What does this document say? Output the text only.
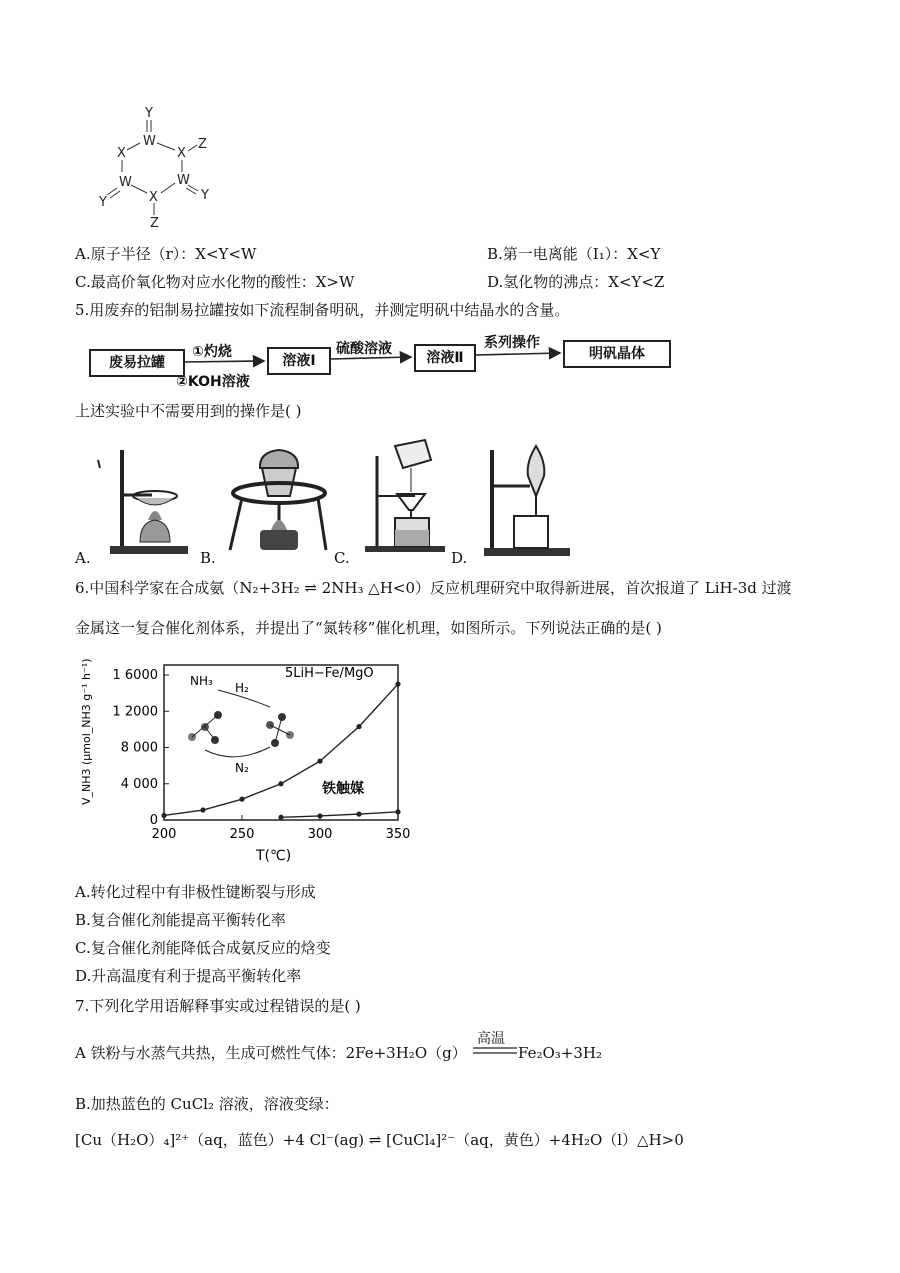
Y
W
X	X
Z
W	W
X
Y	Y
Z
A.原子半径（r）：X<Y<W	B.第一电离能（I₁）：X<Y
C.最高价氧化物对应水化物的酸性：X>W	D.氢化物的沸点：X<Y<Z
5.用废弃的铝制易拉罐按如下流程制备明矾，并测定明矾中结晶水的含量。
废易拉罐
①灼烧
②KOH溶液
溶液Ⅰ
硫酸溶液
溶液Ⅱ
系列操作
明矾晶体
上述实验中不需要用到的操作是( )
A.	B.	C.	D.
6.中国科学家在合成氨（N₂+3H₂ ⇌ 2NH₃ △H<0）反应机理研究中取得新进展，首次报道了 LiH-3d 过渡
金属这一复合催化剂体系，并提出了“氮转移”催化机理，如图所示。下列说法正确的是( )
0
4 000
8 000
1 2000
1 6000
200	250	300	350
V_NH3 (μmol_NH3 g⁻¹ h⁻¹)
T(℃)
5LiH−Fe/MgO
铁触媒
NH₃ H₂
N₂
A.转化过程中有非极性键断裂与形成
B.复合催化剂能提高平衡转化率
C.复合催化剂能降低合成氨反应的焓变
D.升高温度有利于提高平衡转化率
7.下列化学用语解释事实或过程错误的是( )
A 铁粉与水蒸气共热，生成可燃性气体：2Fe+3H₂O（g）
高温
Fe₂O₃+3H₂
B.加热蓝色的 CuCl₂ 溶液，溶液变绿：
[Cu（H₂O）₄]²⁺（aq，蓝色）+4 Cl⁻(ag) ⇌ [CuCl₄]²⁻（aq，黄色）+4H₂O（l）△H>0
